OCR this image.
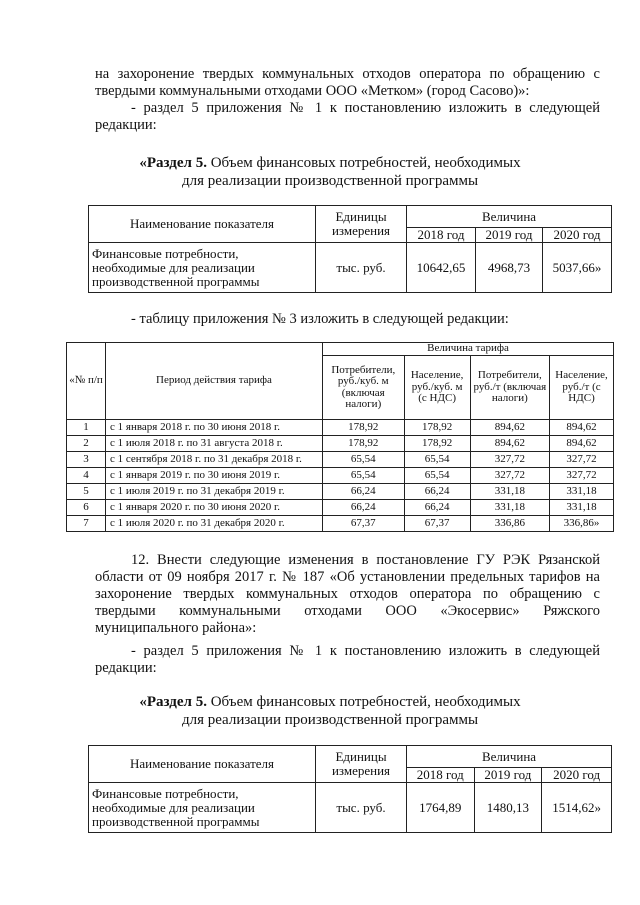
на захоронение твердых коммунальных отходов оператора по обращению с твердыми коммунальными отходами ООО «Метком» (город Сасово)»:
- раздел 5 приложения № 1 к постановлению изложить в следующей редакции:
«Раздел 5. Объем финансовых потребностей, необходимых
для реализации производственной программы
Наименование показателя	Единицы измерения	Величина		
		2018 год	2019 год	2020 год
Финансовые потребности, необходимые для реализации производственной программы	тыс. руб.	10642,65	4968,73	5037,66»
- таблицу приложения № 3 изложить в следующей редакции:
«№ п/п	Период действия тарифа	Величина тарифа			
		Потребители, руб./куб. м (включая налоги)	Население, руб./куб. м (с НДС)	Потребители, руб./т (включая налоги)	Население, руб./т (с НДС)
1	с 1 января 2018 г. по 30 июня 2018 г.	178,92	178,92	894,62	894,62
2	с 1 июля 2018 г. по 31 августа 2018 г.	178,92	178,92	894,62	894,62
3	с 1 сентября 2018 г. по 31 декабря 2018 г.	65,54	65,54	327,72	327,72
4	с 1 января 2019 г. по 30 июня 2019 г.	65,54	65,54	327,72	327,72
5	с 1 июля 2019 г. по 31 декабря 2019 г.	66,24	66,24	331,18	331,18
6	с 1 января 2020 г. по 30 июня 2020 г.	66,24	66,24	331,18	331,18
7	с 1 июля 2020 г. по 31 декабря 2020 г.	67,37	67,37	336,86	336,86»
12. Внести следующие изменения в постановление ГУ РЭК Рязанской области от 09 ноября 2017 г. № 187 «Об установлении предельных тарифов на захоронение твердых коммунальных отходов оператора по обращению с твердыми коммунальными отходами ООО «Экосервис» Ряжского муниципального района»:
- раздел 5 приложения № 1 к постановлению изложить в следующей редакции:
«Раздел 5. Объем финансовых потребностей, необходимых
для реализации производственной программы
Наименование показателя	Единицы измерения	Величина		
		2018 год	2019 год	2020 год
Финансовые потребности, необходимые для реализации производственной программы	тыс. руб.	1764,89	1480,13	1514,62»
